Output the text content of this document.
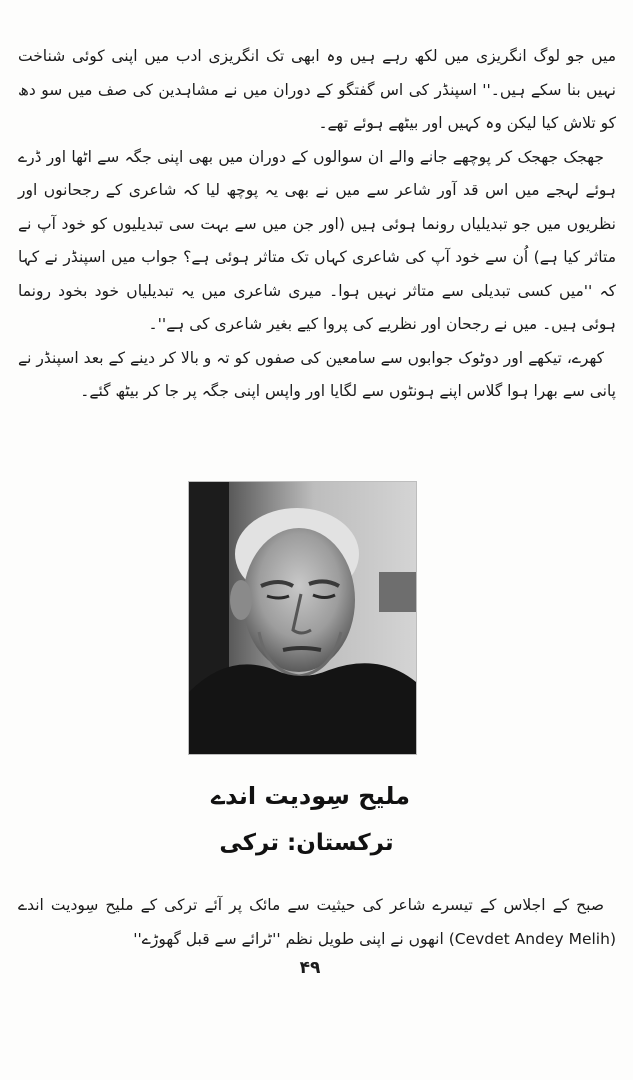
میں جو لوگ انگریزی میں لکھ رہے ہیں وہ ابھی تک انگریزی ادب میں اپنی کوئی شناخت نہیں بنا سکے ہیں۔'' اسپنڈر کی اس گفتگو کے دوران میں نے مشاہدین کی صف میں سو دھ کو تلاش کیا لیکن وہ کہیں اور بیٹھے ہوئے تھے۔

جھجک جھجک کر پوچھے جانے والے ان سوالوں کے دوران میں بھی اپنی جگہ سے اٹھا اور ڈرے ہوئے لہجے میں اس قد آور شاعر سے میں نے بھی یہ پوچھ لیا کہ شاعری کے رجحانوں اور نظریوں میں جو تبدیلیاں رونما ہوئی ہیں (اور جن میں سے بہت سی تبدیلیوں کو خود آپ نے متاثر کیا ہے) اُن سے خود آپ کی شاعری کہاں تک متاثر ہوئی ہے؟ جواب میں اسپنڈر نے کہا کہ ''میں کسی تبدیلی سے متاثر نہیں ہوا۔ میری شاعری میں یہ تبدیلیاں خود بخود رونما ہوئی ہیں۔ میں نے رجحان اور نظریے کی پروا کیے بغیر شاعری کی ہے''۔

کھرے، تیکھے اور دوٹوک جوابوں سے سامعین کی صفوں کو تہ و بالا کر دینے کے بعد اسپنڈر نے پانی سے بھرا ہوا گلاس اپنے ہونٹوں سے لگایا اور واپس اپنی جگہ پر جا کر بیٹھ گئے۔

ملیح سِودیت اندے
ترکستان: ترکی

صبح کے اجلاس کے تیسرے شاعر کی حیثیت سے مائک پر آئے ترکی کے ملیح سِودیت اندے (Cevdet Andey Melih) انھوں نے اپنی طویل نظم ''ٹرائے سے قبل گھوڑے''

۴۹
